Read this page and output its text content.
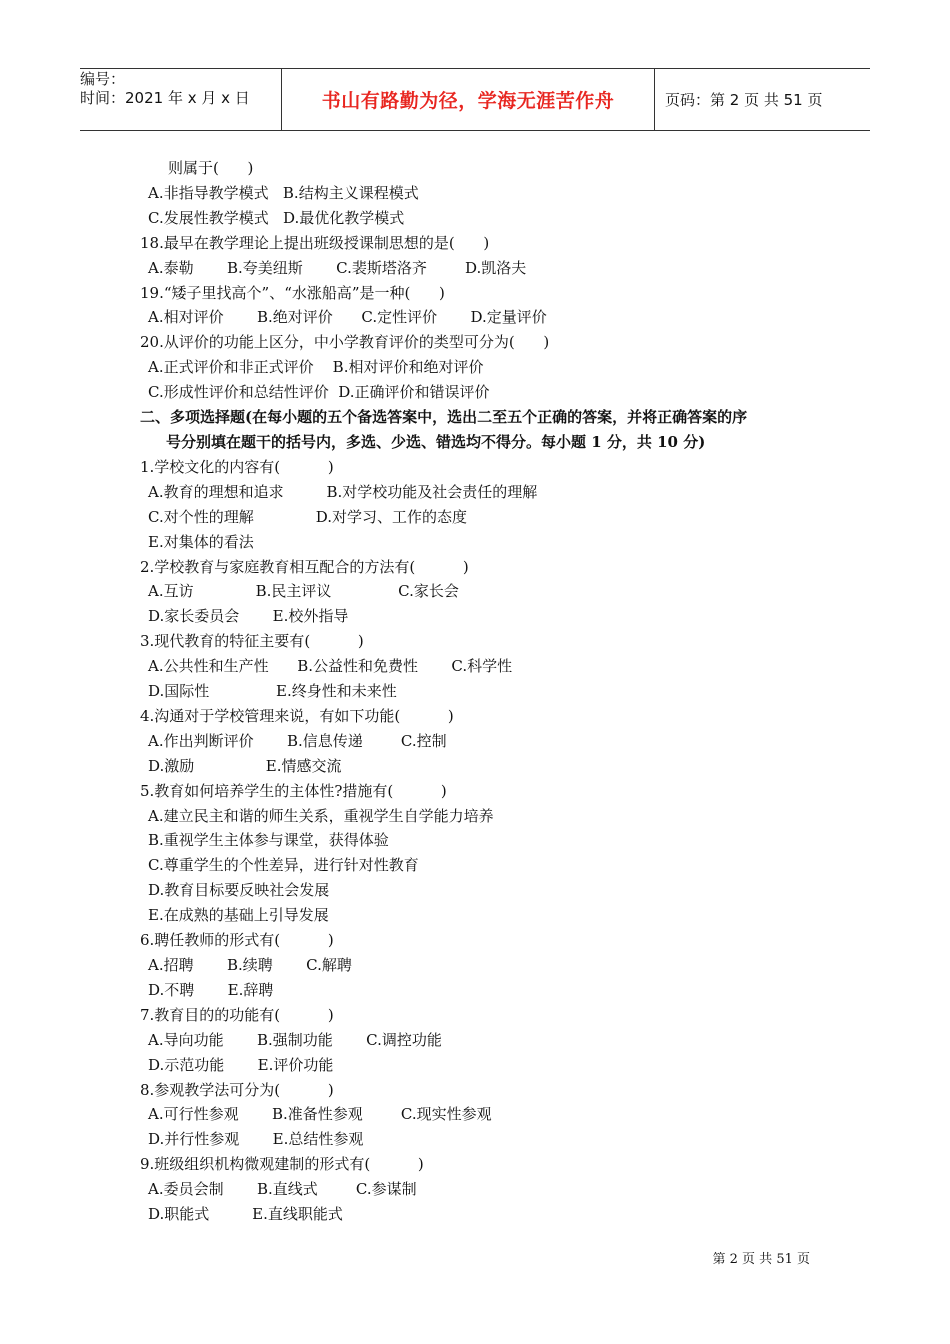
编号：
时间：2021 年 x 月 x 日	书山有路勤为径，学海无涯苦作舟	页码：第 2 页 共 51 页
则属于(      )
A.非指导教学模式   B.结构主义课程模式
C.发展性教学模式   D.最优化教学模式
18.最早在教学理论上提出班级授课制思想的是(      )
A.泰勒       B.夸美纽斯       C.裴斯塔洛齐        D.凯洛夫
19.“矮子里找高个”、“水涨船高”是一种(      )
A.相对评价       B.绝对评价      C.定性评价       D.定量评价
20.从评价的功能上区分，中小学教育评价的类型可分为(      )
A.正式评价和非正式评价    B.相对评价和绝对评价
C.形成性评价和总结性评价  D.正确评价和错误评价
二、多项选择题(在每小题的五个备选答案中，选出二至五个正确的答案，并将正确答案的序
号分别填在题干的括号内，多选、少选、错选均不得分。每小题 1 分，共 10 分)
1.学校文化的内容有(          )
A.教育的理想和追求         B.对学校功能及社会责任的理解
C.对个性的理解             D.对学习、工作的态度
E.对集体的看法
2.学校教育与家庭教育相互配合的方法有(          )
A.互访             B.民主评议              C.家长会
D.家长委员会       E.校外指导
3.现代教育的特征主要有(          )
A.公共性和生产性      B.公益性和免费性       C.科学性
D.国际性              E.终身性和未来性
4.沟通对于学校管理来说，有如下功能(          )
A.作出判断评价       B.信息传递        C.控制
D.激励               E.情感交流
5.教育如何培养学生的主体性?措施有(          )
A.建立民主和谐的师生关系，重视学生自学能力培养
B.重视学生主体参与课堂，获得体验
C.尊重学生的个性差异，进行针对性教育
D.教育目标要反映社会发展
E.在成熟的基础上引导发展
6.聘任教师的形式有(          )
A.招聘       B.续聘       C.解聘
D.不聘       E.辞聘
7.教育目的的功能有(          )
A.导向功能       B.强制功能       C.调控功能
D.示范功能       E.评价功能
8.参观教学法可分为(          )
A.可行性参观       B.准备性参观        C.现实性参观
D.并行性参观       E.总结性参观
9.班级组织机构微观建制的形式有(          )
A.委员会制       B.直线式        C.参谋制
D.职能式         E.直线职能式
第 2 页 共 51 页
